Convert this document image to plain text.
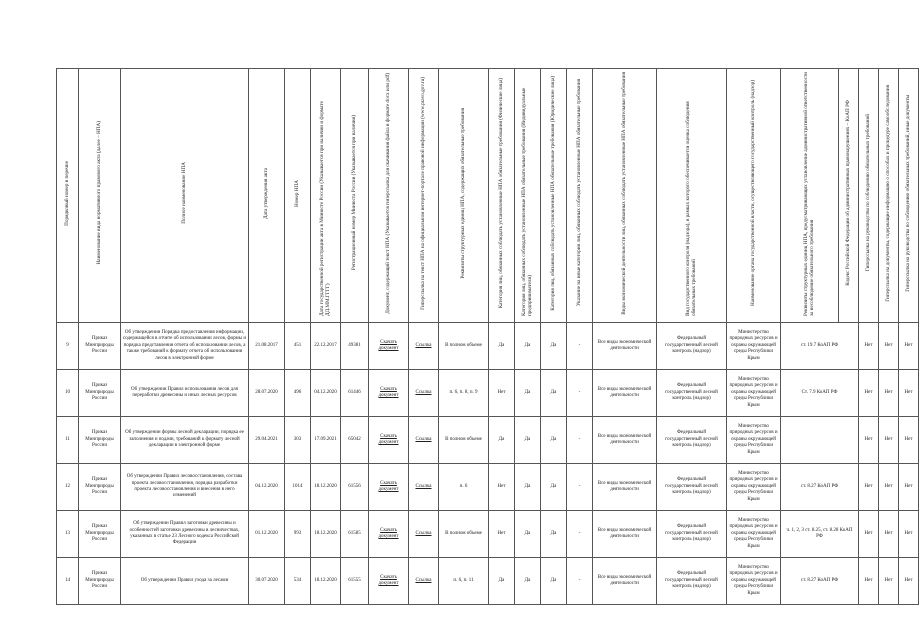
Порядковый номер в перечне	Наименование вида нормативного правового акта (далее – НПА)	Полное наименование НПА	Дата утверждения акта	Номер НПА	Дата государственной регистрации акта в Минюсте России (Указывается при наличии и формате ДД.ММ.ГГГГ)	Регистрационный номер Минюста России (Указывается при наличии)	Документ, содержащий текст НПА (Указывается гиперссылка для скачивания файла в формате docx или pdf)	Гиперссылка на текст НПА на официальном интернет-портале правовой информации (www.pravo.gov.ru)	Реквизиты структурных единиц НПА, содержащих обязательные требования	Категория лиц, обязанных соблюдать установленные НПА обязательные требования (Физические лица)	Категория лиц, обязанных соблюдать установленные НПА обязательные требования (Индивидуальные предприниматели)	Категория лиц, обязанных соблюдать установленные НПА обязательные требования (Юридические лица)	Указание на иные категории лиц, обязанных соблюдать установленные НПА обязательные требования	Виды экономической деятельности лиц, обязанных соблюдать установленные НПА обязательные требования	Вид государственного контроля (надзора), в рамках которого обеспечивается оценка соблюдения обязательных требований	Наименование органа государственной власти, осуществляющего государственный контроль (надзор)	Реквизиты структурных единиц НПА, предусматривающих установление административной ответственности за несоблюдение обязательного требования	Кодекс Российской Федерации об административных правонарушениях – КоАП РФ	Гиперссылка на руководства по соблюдению обязательных требований	Гиперссылка на документы, содержащие информацию о способах и процедуре самообследования	Гиперссылка на руководства по соблюдению обязательных требований, иные документы
9	Приказ Минприроды России	Об утверждении Порядка предоставления информации, содержащейся в отчете об использовании лесов, формы и порядка представления отчета об использовании лесов, а также требований к формату отчета об использовании лесов в электронной форме	21.08.2017	451	22.12.2017	49381	Скачать документ	Ссылка	В полном объеме	Да	Да	Да	-	Все виды экономической деятельности	Федеральный государственный лесной контроль (надзор)	Министерство природных ресурсов и охраны окружающей среды Республики Крым	ст. 19.7 КоАП РФ		Нет	Нет	Нет
10	Приказ Минприроды России	Об утверждении Правил использования лесов для переработки древесины и иных лесных ресурсов	28.07.2020	496	04.12.2020	61446	Скачать документ	Ссылка	п. 6, п. 8, п. 9	Нет	Да	Да	-	Все виды экономической деятельности	Федеральный государственный лесной контроль (надзор)	Министерство природных ресурсов и охраны окружающей среды Республики Крым	Ст. 7.9 КоАП РФ		Нет	Нет	Нет
11	Приказ Минприроды России	Об утверждении формы лесной декларации, порядка ее заполнения и подачи, требований к формату лесной декларации в электронной форме	29.04.2021	303	17.09.2021	65042	Скачать документ	Ссылка	В полном объеме	Да	Да	Да	-	Все виды экономической деятельности	Федеральный государственный лесной контроль (надзор)	Министерство природных ресурсов и охраны окружающей среды Республики Крым			Нет	Нет	Нет
12	Приказ Минприроды России	Об утверждении Правил лесовосстановления, состава проекта лесовосстановления, порядка разработки проекта лесовосстановления и внесения в него изменений	04.12.2020	1014	18.12.2020	61556	Скачать документ	Ссылка	п. 6	Нет	Да	Да	-	Все виды экономической деятельности	Федеральный государственный лесной контроль (надзор)	Министерство природных ресурсов и охраны окружающей среды Республики Крым	ст. 8.27 КоАП РФ		Нет	Нет	Нет
13	Приказ Минприроды России	Об утверждении Правил заготовки древесины и особенностей заготовки древесины в лесничествах, указанных в статье 23 Лесного кодекса Российской Федерации	01.12.2020	993	18.12.2020	61585	Скачать документ	Ссылка	В полном объеме	Нет	Да	Да	-	Все виды экономической деятельности	Федеральный государственный лесной контроль (надзор)	Министерство природных ресурсов и охраны окружающей среды Республики Крым	ч. 1, 2, 3 ст. 8.25, ст. 8.28 КоАП РФ		Нет	Нет	Нет
14	Приказ Минприроды России	Об утверждении Правил ухода за лесами	30.07.2020	534	18.12.2020	61555	Скачать документ	Ссылка	п. 6, п. 11	Да	Да	Да	-	Все виды экономической деятельности	Федеральный государственный лесной контроль (надзор)	Министерство природных ресурсов и охраны окружающей среды Республики Крым	ст. 8.27 КоАП РФ		Нет	Нет	Нет
